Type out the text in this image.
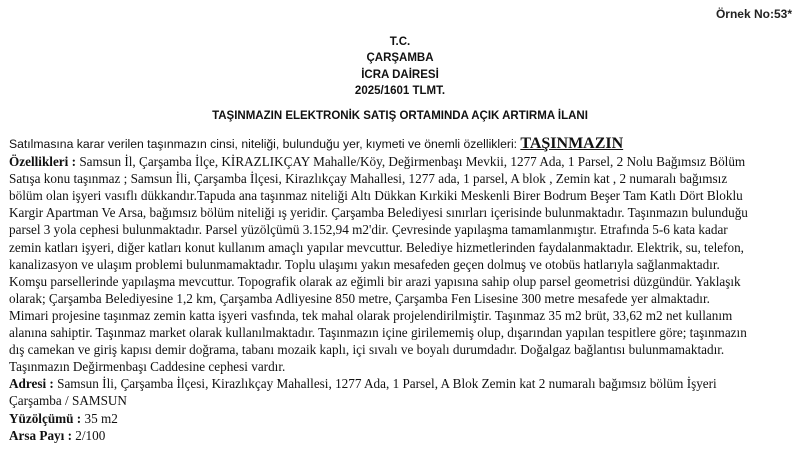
Örnek No:53*
T.C.
ÇARŞAMBA
İCRA DAİRESİ
2025/1601 TLMT.
TAŞINMAZIN ELEKTRONİK SATIŞ ORTAMINDA AÇIK ARTIRMA İLANI
Satılmasına karar verilen taşınmazın cinsi, niteliği, bulunduğu yer, kıymeti ve önemli özellikleri: TAŞINMAZIN
Özellikleri : Samsun İl, Çarşamba İlçe, KİRAZLIKÇAY Mahalle/Köy, Değirmenbaşı Mevkii, 1277 Ada, 1 Parsel, 2 Nolu Bağımsız Bölüm
Satışa konu taşınmaz ; Samsun İli, Çarşamba İlçesi, Kirazlıkçay Mahallesi, 1277 ada, 1 parsel, A blok , Zemin kat , 2 numaralı bağımsız
bölüm olan işyeri vasıflı dükkandır.Tapuda ana taşınmaz niteliği Altı Dükkan Kırkiki Meskenli Birer Bodrum Beşer Tam Katlı Dört Bloklu
Kargir Apartman Ve Arsa, bağımsız bölüm niteliği ış yeridir. Çarşamba Belediyesi sınırları içerisinde bulunmaktadır. Taşınmazın bulunduğu
parsel 3 yola cephesi bulunmaktadır. Parsel yüzölçümü 3.152,94 m2'dir. Çevresinde yapılaşma tamamlanmıştır. Etrafında 5-6 kata kadar
zemin katları işyeri, diğer katları konut kullanım amaçlı yapılar mevcuttur. Belediye hizmetlerinden faydalanmaktadır. Elektrik, su, telefon,
kanalizasyon ve ulaşım problemi bulunmamaktadır. Toplu ulaşımı yakın mesafeden geçen dolmuş ve otobüs hatlarıyla sağlanmaktadır.
Komşu parsellerinde yapılaşma mevcuttur. Topografik olarak az eğimli bir arazi yapısına sahip olup parsel geometrisi düzgündür. Yaklaşık
olarak; Çarşamba Belediyesine 1,2 km, Çarşamba Adliyesine 850 metre, Çarşamba Fen Lisesine 300 metre mesafede yer almaktadır.
Mimari projesine taşınmaz zemin katta işyeri vasfında, tek mahal olarak projelendirilmiştir. Taşınmaz 35 m2 brüt, 33,62 m2 net kullanım
alanına sahiptir. Taşınmaz market olarak kullanılmaktadır. Taşınmazın içine girilememiş olup, dışarından yapılan tespitlere göre; taşınmazın
dış camekan ve giriş kapısı demir doğrama, tabanı mozaik kaplı, içi sıvalı ve boyalı durumdadır. Doğalgaz bağlantısı bulunmamaktadır.
Taşınmazın Değirmenbaşı Caddesine cephesi vardır.
Adresi : Samsun İli, Çarşamba İlçesi, Kirazlıkçay Mahallesi, 1277 Ada, 1 Parsel, A Blok Zemin kat 2 numaralı bağımsız bölüm İşyeri
Çarşamba / SAMSUN
Yüzölçümü : 35 m2
Arsa Payı : 2/100
